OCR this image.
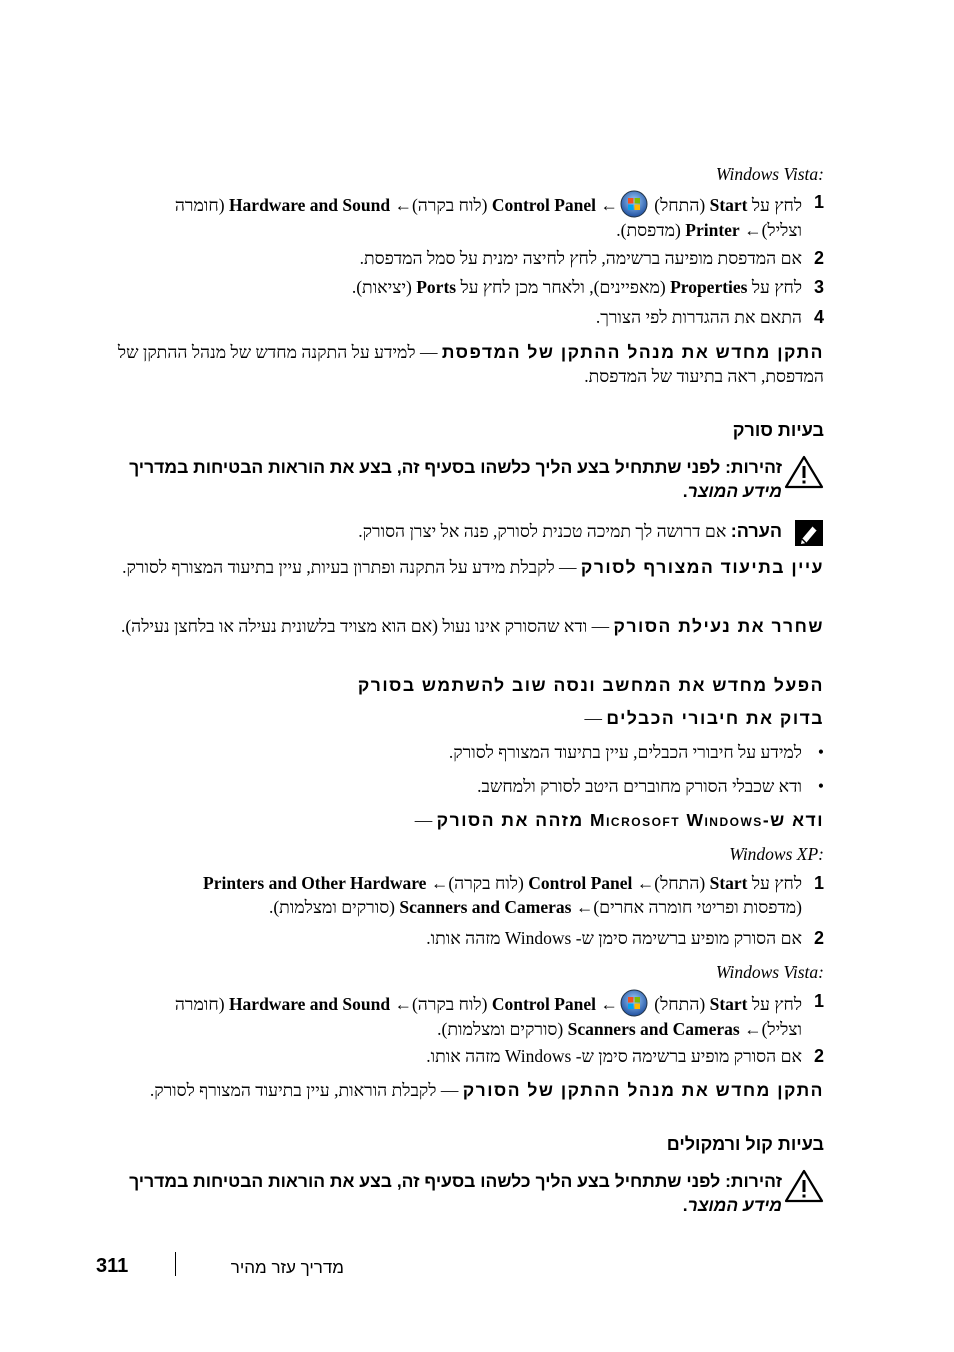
:Windows Vista
1
לחץ על Start (התחל) ← Control Panel (לוח בקרה)← Hardware and Sound (חומרה
וצליל)← Printer (מדפסת).
2
אם המדפסת מופיעה ברשימה, לחץ לחיצה ימנית על סמל המדפסת.
3
לחץ על Properties (מאפיינים), ולאחר מכן לחץ על Ports (יציאות).
4
התאם את ההגדרות לפי הצורך.
התקן מחדש את מנהל ההתקן של המדפסת — למידע על התקנה מחדש של מנהל ההתקן של המדפסת, ראה בתיעוד של המדפסת.
בעיות סורק
זהירות: לפני שתתחיל בצע הליך כלשהו בסעיף זה, בצע את הוראות הבטיחות במדריך מידע המוצר.
הערה: אם דרושה לך תמיכה טכנית לסורק, פנה אל יצרן הסורק.
עיין בתיעוד המצורף לסורק — לקבלת מידע על התקנה ופתרון בעיות, עיין בתיעוד המצורף לסורק.
שחרר את נעילת הסורק — ודא שהסורק אינו נעול (אם הוא מצויד בלשונית נעילה או בלחצן נעילה).
הפעל מחדש את המחשב ונסה שוב להשתמש בסורק
בדוק את חיבורי הכבלים —
•
למידע על חיבורי הכבלים, עיין בתיעוד המצורף לסורק.
•
ודא שכבלי הסורק מחוברים היטב לסורק ולמחשב.
ודא ש-Microsoft Windows מזהה את הסורק —
:Windows XP
1
לחץ על Start (התחל)← Control Panel (לוח בקרה)← Printers and Other Hardware
(מדפסות ופריטי חומרה אחרים)← Scanners and Cameras (סורקים ומצלמות).
2
אם הסורק מופיע ברשימה סימן ש- Windows מזהה אותו.
:Windows Vista
1
לחץ על Start (התחל) ← Control Panel (לוח בקרה)← Hardware and Sound (חומרה
וצליל)← Scanners and Cameras (סורקים ומצלמות).
2
אם הסורק מופיע ברשימה סימן ש- Windows מזהה אותו.
התקן מחדש את מנהל ההתקן של הסורק — לקבלת הוראות, עיין בתיעוד המצורף לסורק.
בעיות קול ורמקולים
זהירות: לפני שתתחיל בצע הליך כלשהו בסעיף זה, בצע את הוראות הבטיחות במדריך מידע המוצר.
311	מדריך עזר מהיר
